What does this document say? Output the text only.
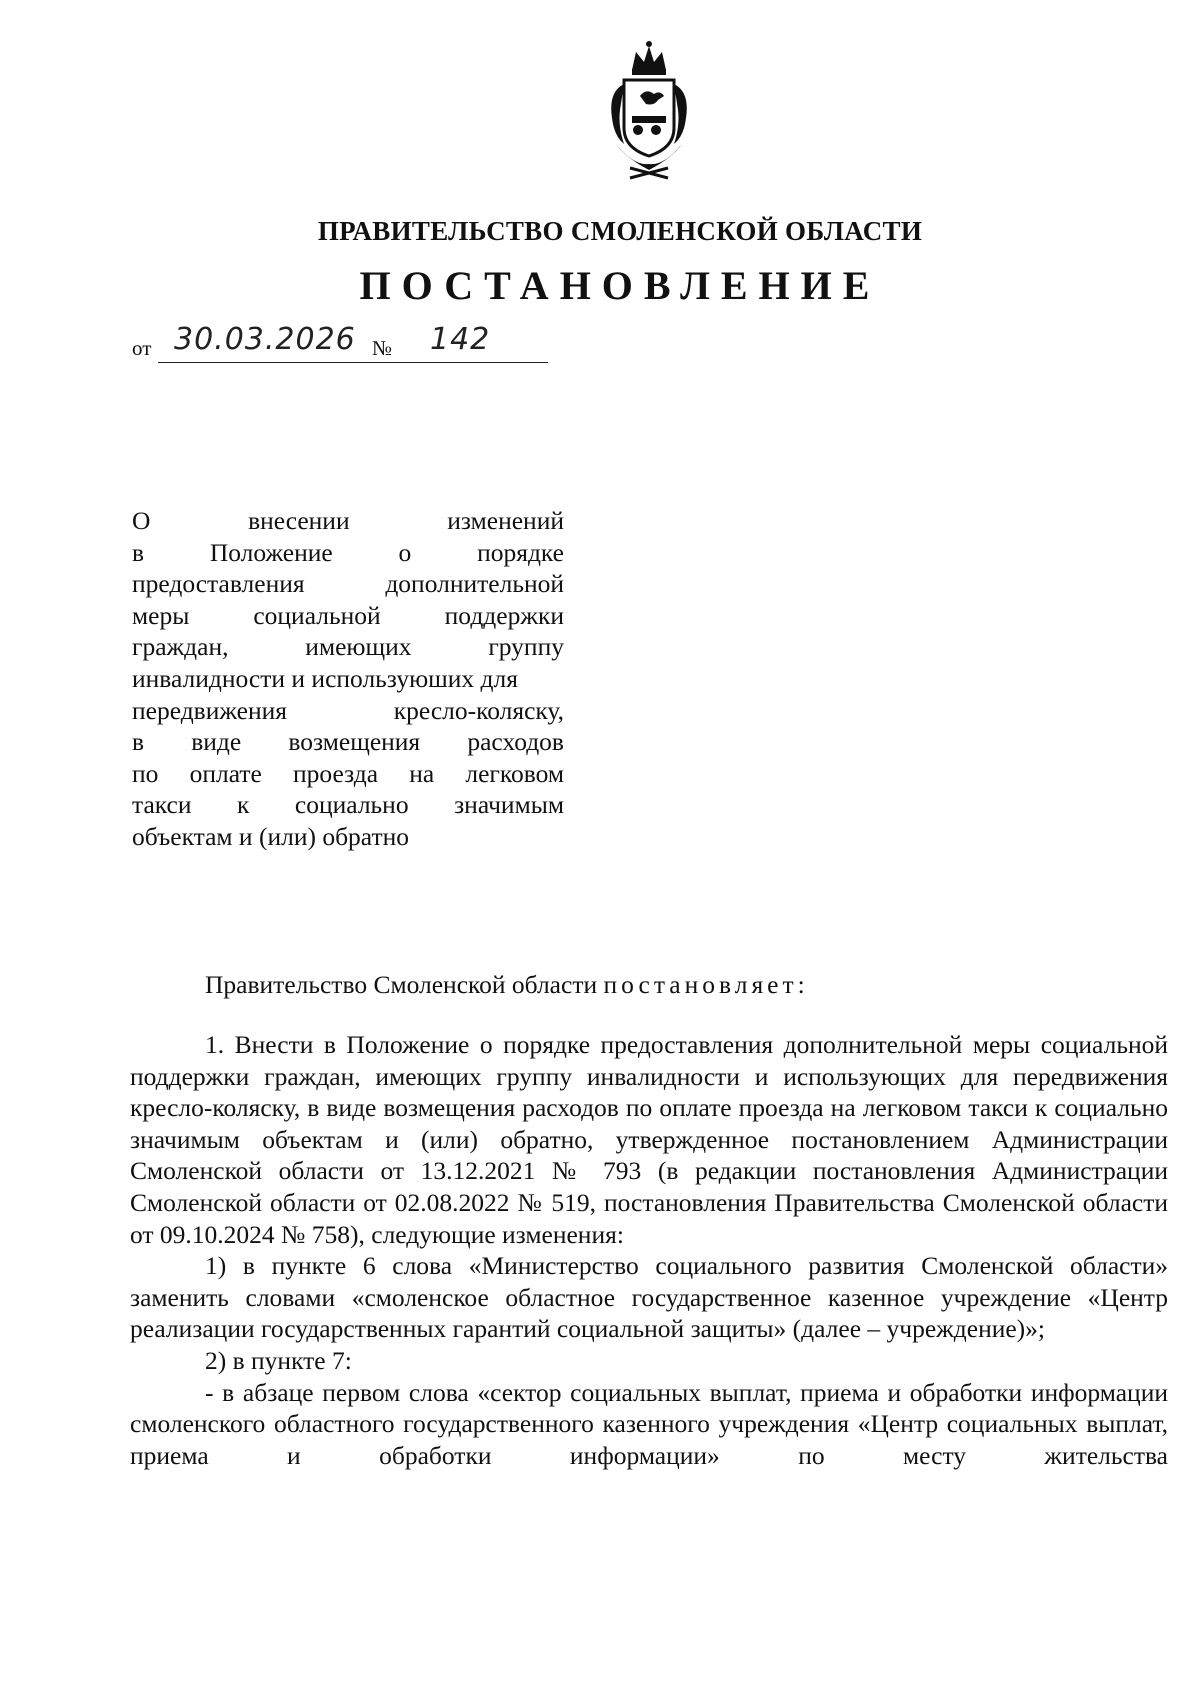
ПРАВИТЕЛЬСТВО СМОЛЕНСКОЙ ОБЛАСТИ
ПОСТАНОВЛЕНИЕ
от 30.03.2026 № 142
О	внесении	изменений
в	Положение	о	порядке
предоставления	дополнительной
меры	социальной	поддержки
граждан,	имеющих	группу
инвалидности и используюших для
передвижения	кресло-коляску,
в виде возмещения расходов
по оплате проезда на легковом
такси к социально значимым
объектам и (или) обратно
Правительство Смоленской области постановляет:

1. Внести в Положение о порядке предоставления дополнительной меры социальной поддержки граждан, имеющих группу инвалидности и использующих для передвижения кресло-коляску, в виде возмещения расходов по оплате проезда на легковом такси к социально значимым объектам и (или) обратно, утвержденное постановлением Администрации Смоленской области от 13.12.2021 № 793 (в редакции постановления Администрации Смоленской области от 02.08.2022 № 519, постановления Правительства Смоленской области от 09.10.2024 № 758), следующие изменения:

1) в пункте 6 слова «Министерство социального развития Смоленской области» заменить словами «смоленское областное государственное казенное учреждение «Центр реализации государственных гарантий социальной защиты» (далее – учреждение)»;

2) в пункте 7:

- в абзаце первом слова «сектор социальных выплат, приема и обработки информации смоленского областного государственного казенного учреждения «Центр социальных выплат, приема и обработки информации» по месту жительства
